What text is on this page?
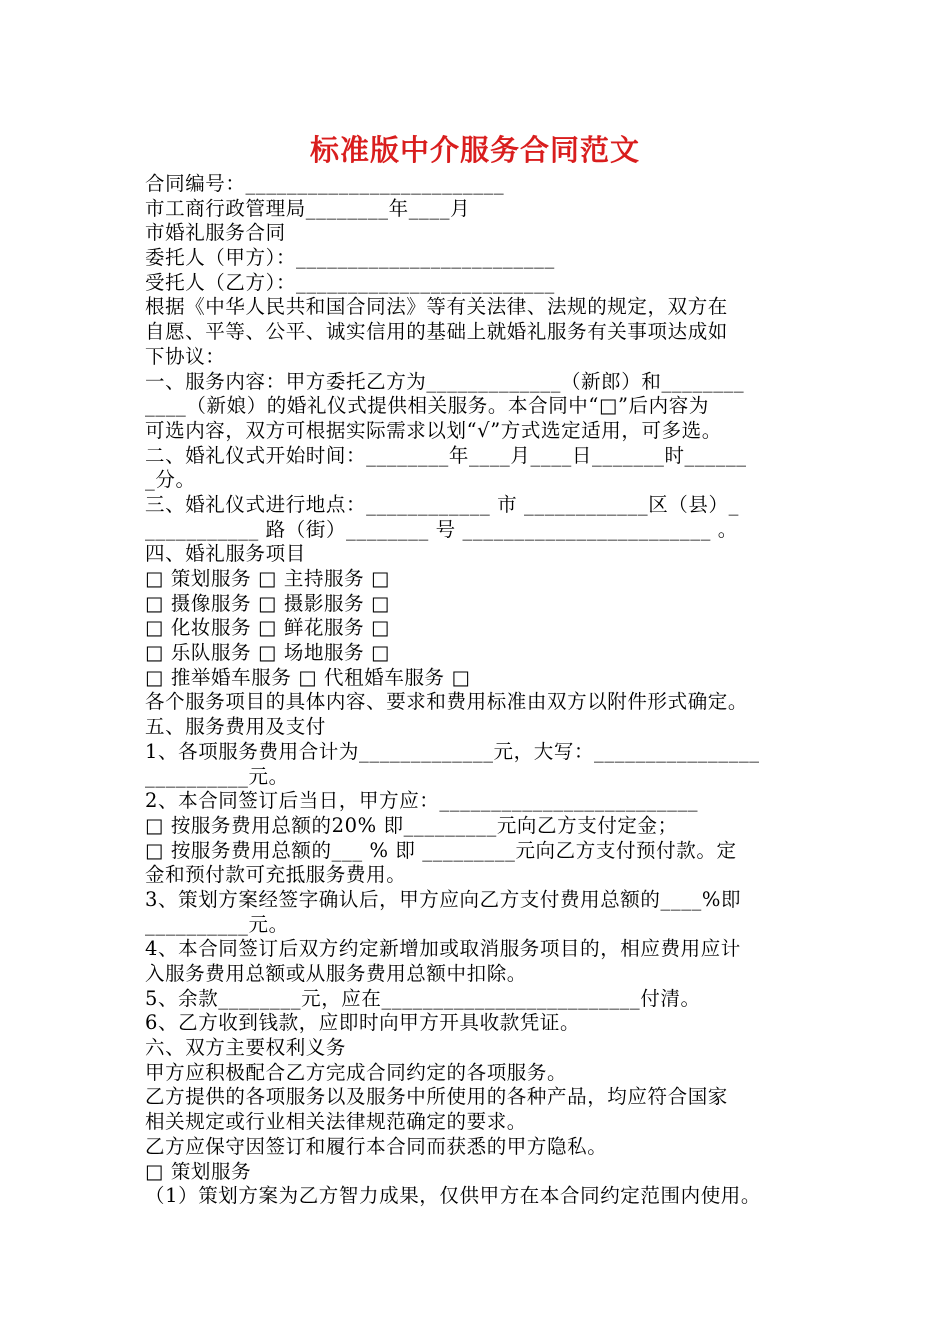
标准版中介服务合同范文
合同编号：_________________________
市工商行政管理局________年____月
市婚礼服务合同
委托人（甲方）：_________________________
受托人（乙方）：_________________________
根据《中华人民共和国合同法》等有关法律、法规的规定，双方在
自愿、平等、公平、诚实信用的基础上就婚礼服务有关事项达成如
下协议：
一、服务内容：甲方委托乙方为_____________（新郎）和________
____（新娘）的婚礼仪式提供相关服务。本合同中“□”后内容为
可选内容，双方可根据实际需求以划“√”方式选定适用，可多选。
二、婚礼仪式开始时间：________年____月____日_______时______
_分。
三、婚礼仪式进行地点：____________ 市 ____________区（县）_
___________ 路（街）________ 号 ________________________ 。
四、婚礼服务项目
□ 策划服务 □ 主持服务 □
□ 摄像服务 □ 摄影服务 □
□ 化妆服务 □ 鲜花服务 □
□ 乐队服务 □ 场地服务 □
□ 推举婚车服务 □ 代租婚车服务 □
各个服务项目的具体内容、要求和费用标准由双方以附件形式确定。
五、服务费用及支付
1、各项服务费用合计为_____________元，大写：________________
__________元。
2、本合同签订后当日，甲方应：_________________________
□ 按服务费用总额的20% 即_________元向乙方支付定金；
□ 按服务费用总额的___ % 即 _________元向乙方支付预付款。定
金和预付款可充抵服务费用。
3、策划方案经签字确认后，甲方应向乙方支付费用总额的____%即
__________元。
4、本合同签订后双方约定新增加或取消服务项目的，相应费用应计
入服务费用总额或从服务费用总额中扣除。
5、余款________元，应在_________________________付清。
6、乙方收到钱款，应即时向甲方开具收款凭证。
六、双方主要权利义务
甲方应积极配合乙方完成合同约定的各项服务。
乙方提供的各项服务以及服务中所使用的各种产品，均应符合国家
相关规定或行业相关法律规范确定的要求。
乙方应保守因签订和履行本合同而获悉的甲方隐私。
□ 策划服务
（1）策划方案为乙方智力成果，仅供甲方在本合同约定范围内使用。
